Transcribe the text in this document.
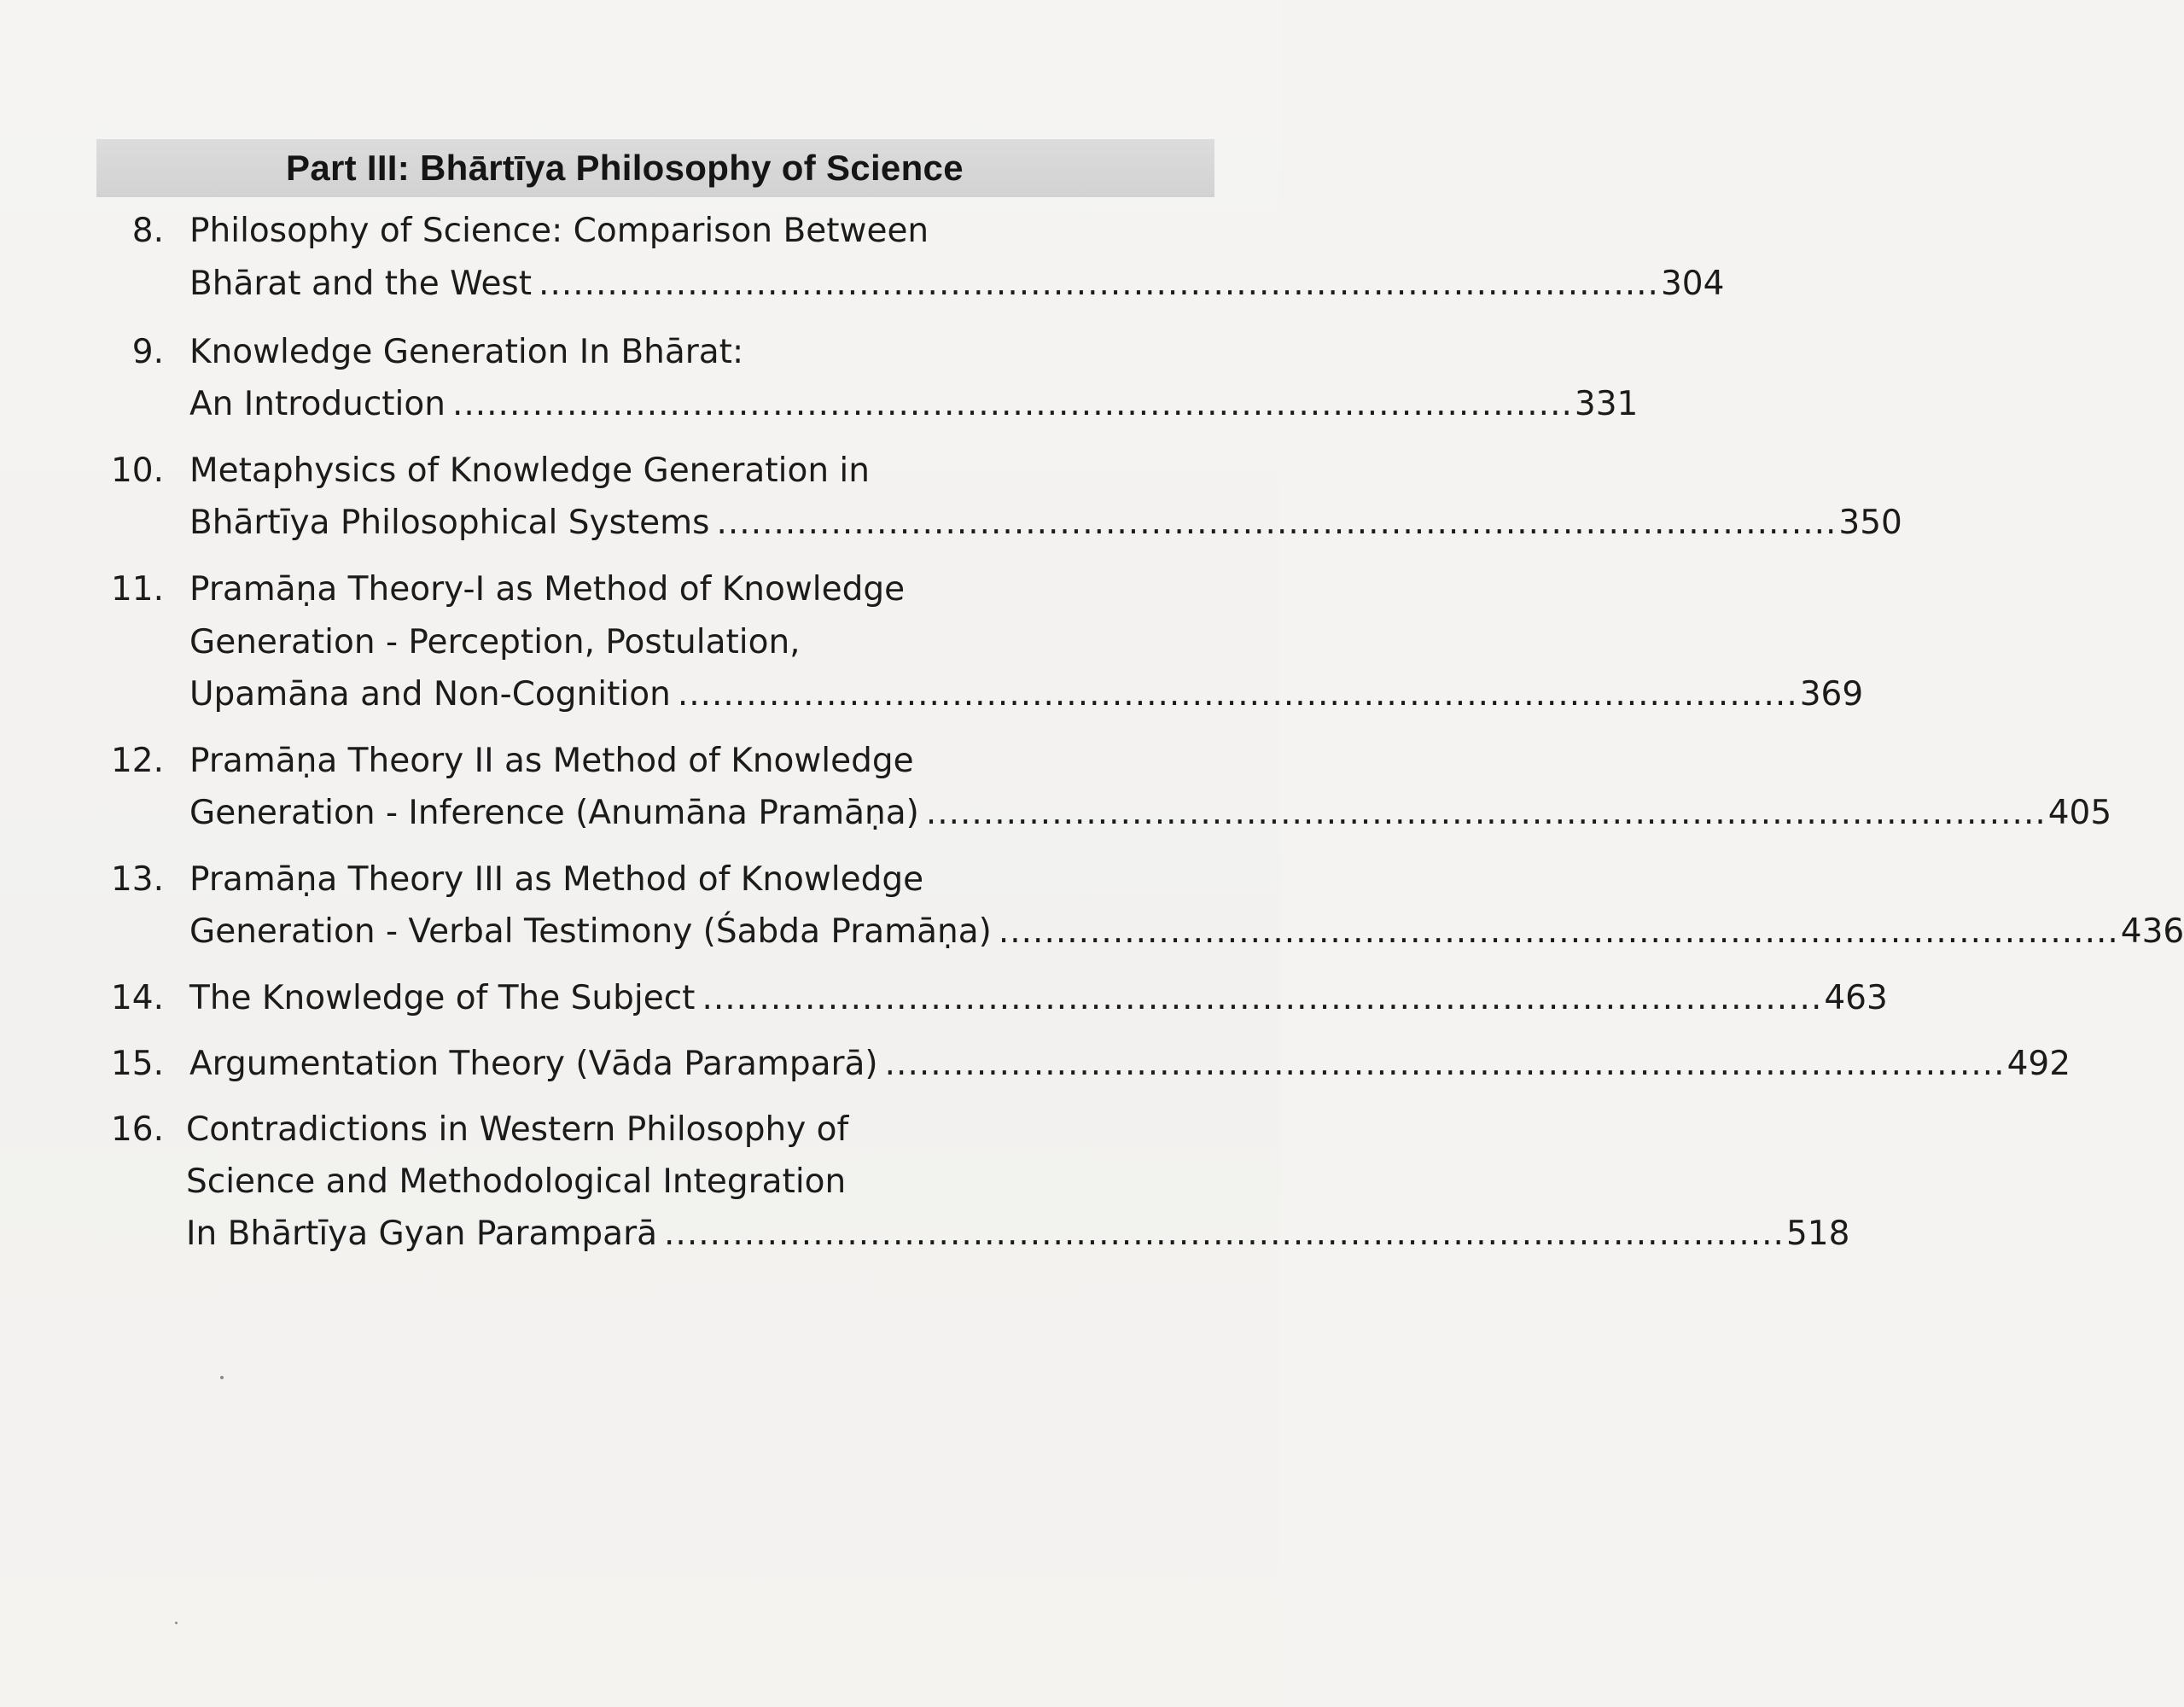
Part III: Bhārtīya Philosophy of Science
8. Philosophy of Science: Comparison Between
Bhārat and the West .................................................................................................. 304
9. Knowledge Generation In Bhārat:
An Introduction .................................................................................................. 331
10. Metaphysics of Knowledge Generation in
Bhārtīya Philosophical Systems .................................................................................................. 350
11. Pramāṇa Theory-I as Method of Knowledge
Generation - Perception, Postulation,
Upamāna and Non-Cognition .................................................................................................. 369
12. Pramāṇa Theory II as Method of Knowledge
Generation - Inference (Anumāna Pramāṇa) .................................................................................................. 405
13. Pramāṇa Theory III as Method of Knowledge
Generation - Verbal Testimony (Śabda Pramāṇa) .................................................................................................. 436
14. The Knowledge of The Subject .................................................................................................. 463
15. Argumentation Theory (Vāda Paramparā) .................................................................................................. 492
16. Contradictions in Western Philosophy of
Science and Methodological Integration
In Bhārtīya Gyan Paramparā .................................................................................................. 518
